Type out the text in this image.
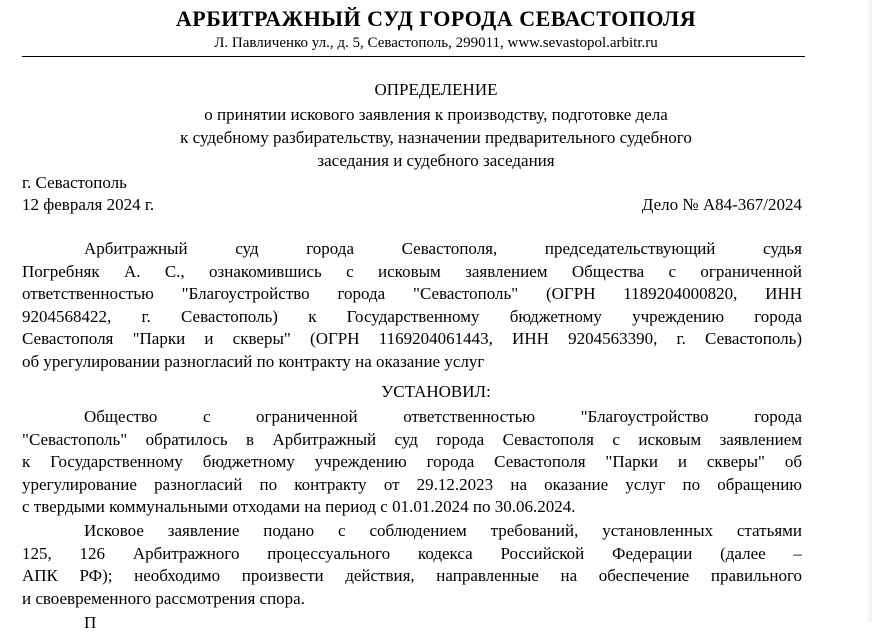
АРБИТРАЖНЫЙ СУД ГОРОДА СЕВАСТОПОЛЯ
Л. Павличенко ул., д. 5, Севастополь, 299011, www.sevastopol.arbitr.ru
ОПРЕДЕЛЕНИЕ
о принятии искового заявления к производству, подготовке дела
к судебному разбирательству, назначении предварительного судебного
заседания и судебного заседания
г. Севастополь
12 февраля 2024 г.	Дело № А84-367/2024
Арбитражный суд города Севастополя, председательствующий судья
Погребняк А. С., ознакомившись с исковым заявлением Общества с ограниченной
ответственностью "Благоустройство города "Севастополь" (ОГРН 1189204000820, ИНН
9204568422, г. Севастополь) к Государственному бюджетному учреждению города
Севастополя "Парки и скверы" (ОГРН 1169204061443, ИНН 9204563390, г. Севастополь)
об урегулировании разногласий по контракту на оказание услуг
УСТАНОВИЛ:
Общество с ограниченной ответственностью "Благоустройство города
"Севастополь" обратилось в Арбитражный суд города Севастополя с исковым заявлением
к Государственному бюджетному учреждению города Севастополя "Парки и скверы" об
урегулирование разногласий по контракту от 29.12.2023 на оказание услуг по обращению
с твердыми коммунальными отходами на период с 01.01.2024 по 30.06.2024.
Исковое заявление подано с соблюдением требований, установленных статьями
125, 126 Арбитражного процессуального кодекса Российской Федерации (далее –
АПК РФ); необходимо произвести действия, направленные на обеспечение правильного
и своевременного рассмотрения спора.
П
